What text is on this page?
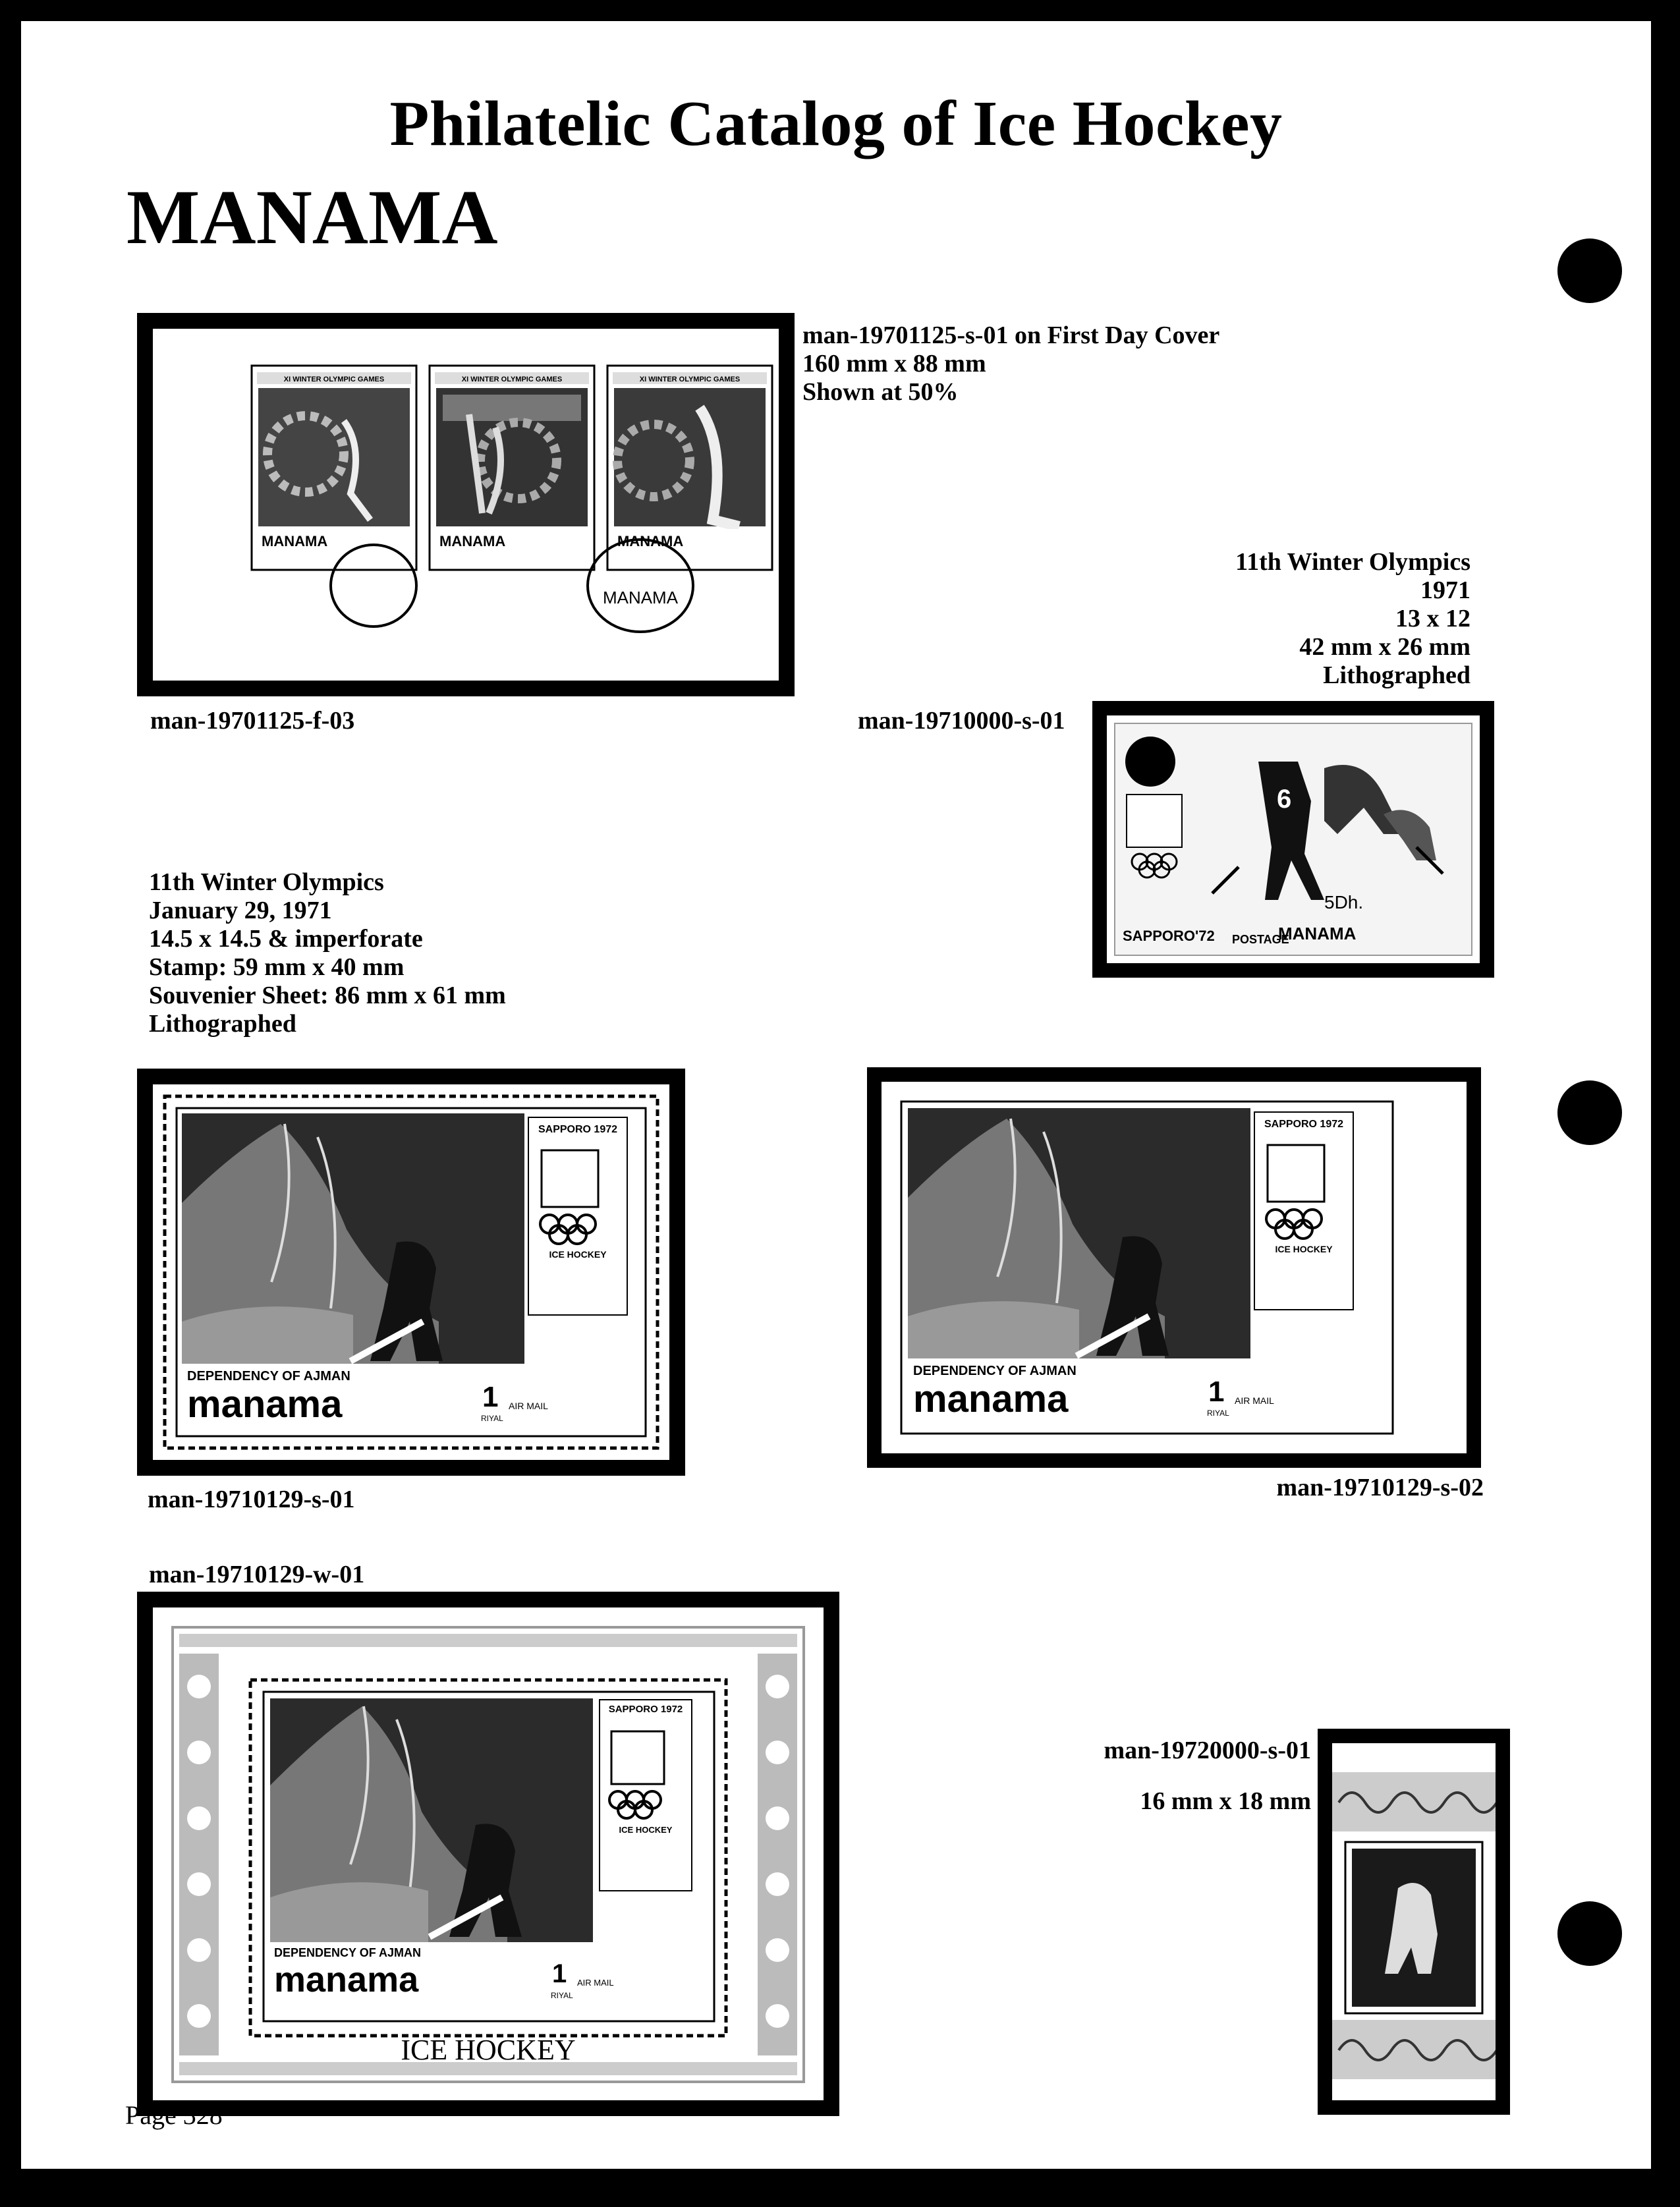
Philatelic Catalog of Ice Hockey
MANAMA
XI WINTER OLYMPIC GAMES	XI WINTER OLYMPIC GAMES	XI WINTER OLYMPIC GAMES
MANAMA	MANAMA	MANAMA
MANAMA
man-19701125-s-01 on First Day Cover
160 mm x 88 mm
Shown at 50%
man-19701125-f-03
11th Winter Olympics
1971
13 x 12
42 mm x 26 mm
Lithographed
man-19710000-s-01
6
5Dh.
SAPPORO'72 POSTAGE
MANAMA
11th Winter Olympics
January 29, 1971
14.5 x 14.5 & imperforate
Stamp: 59 mm x 40 mm
Souvenier Sheet: 86 mm x 61 mm
Lithographed
SAPPORO 1972
ICE HOCKEY
DEPENDENCY OF AJMAN
manama	1
RIYAL
AIR MAIL
man-19710129-s-01
SAPPORO 1972
ICE HOCKEY
DEPENDENCY OF AJMAN
manama	1
RIYAL
AIR MAIL
man-19710129-s-02
man-19710129-w-01
SAPPORO 1972
ICE HOCKEY
DEPENDENCY OF AJMAN
manama	1
RIYAL
AIR MAIL
ICE HOCKEY
man-19720000-s-01
16 mm x 18 mm
Page 328
